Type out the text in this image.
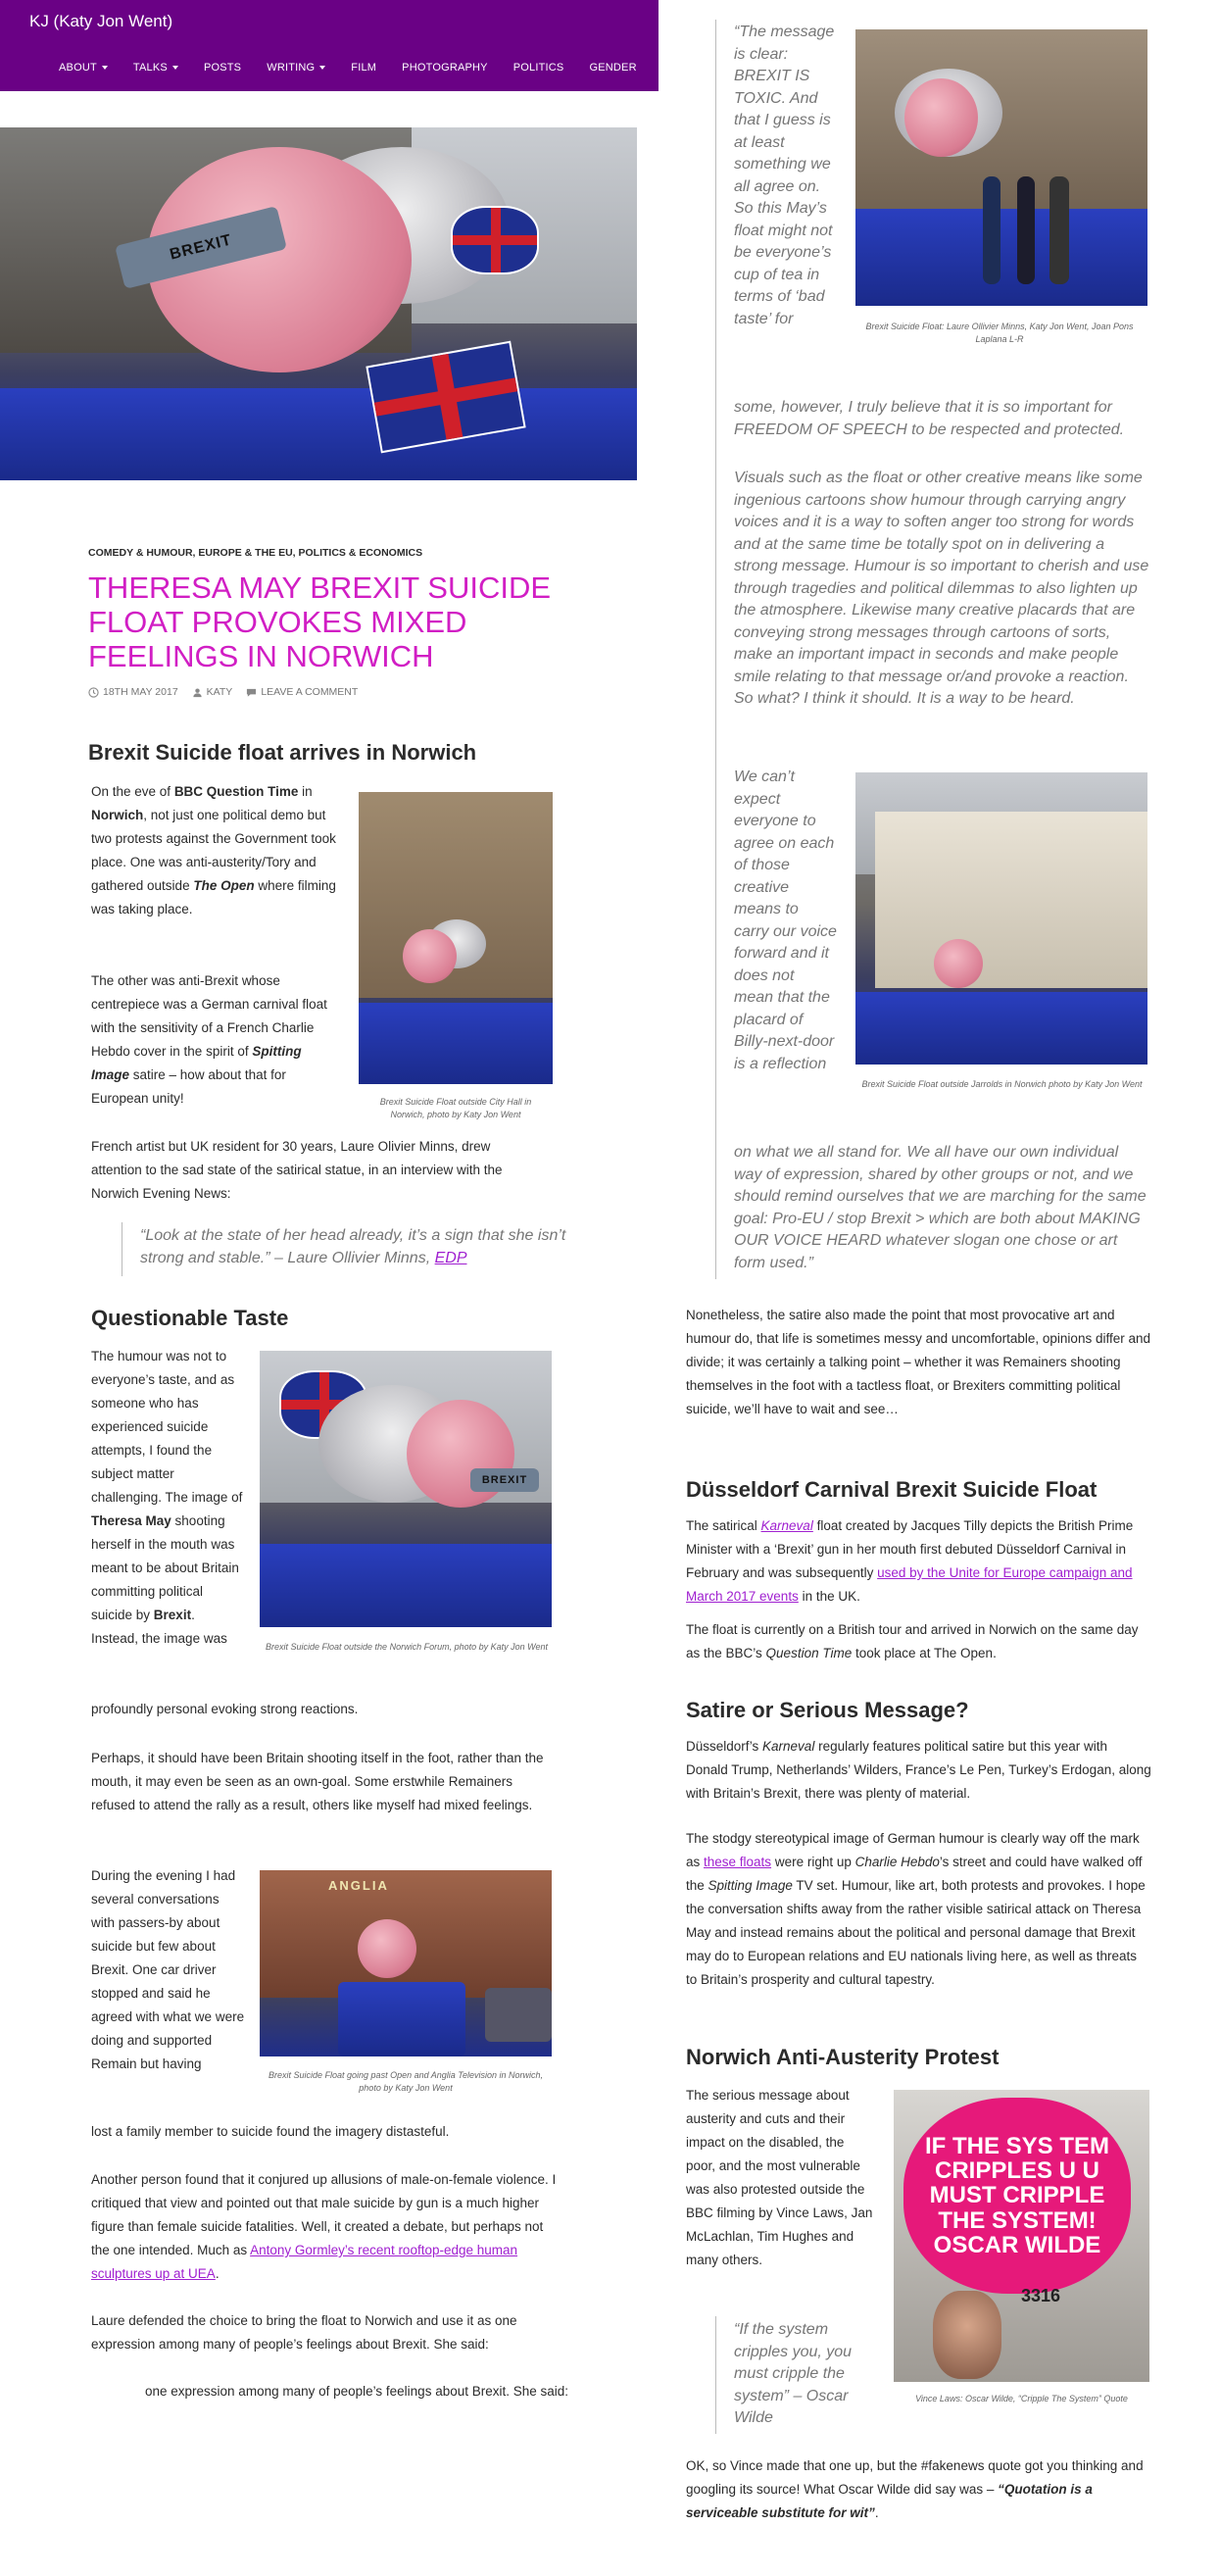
KJ (Katy Jon Went)
ABOUT	TALKS	POSTS WRITING	FILM PHOTOGRAPHY POLITICS GENDER H
BREXIT
COMEDY & HUMOUR, EUROPE & THE EU, POLITICS & ECONOMICS
THERESA MAY BREXIT SUICIDE FLOAT PROVOKES MIXED FEELINGS IN NORWICH
18TH MAY 2017	KATY	LEAVE A COMMENT
Brexit Suicide float arrives in Norwich
On the eve of BBC Question Time in Norwich, not just one political demo but two protests against the Government took place. One was anti-austerity/Tory and gathered outside The Open where filming was taking place.
The other was anti-Brexit whose centrepiece was a German carnival float with the sensitivity of a French Charlie Hebdo cover in the spirit of Spitting Image satire – how about that for European unity!	Brexit Suicide Float outside City Hall in Norwich, photo by Katy Jon Went
French artist but UK resident for 30 years, Laure Olivier Minns, drew attention to the sad state of the satirical statue, in an interview with the Norwich Evening News:
“Look at the state of her head already, it’s a sign that she isn’t strong and stable.” – Laure Ollivier Minns, EDP
Questionable Taste
The humour was not to everyone’s taste, and as someone who has experienced suicide attempts, I found the subject matter challenging. The image of Theresa May shooting herself in the mouth was meant to be about Britain committing political suicide by Brexit. Instead, the image was
profoundly personal evoking strong reactions.
BREXIT
Brexit Suicide Float outside the Norwich Forum, photo by Katy Jon Went
Perhaps, it should have been Britain shooting itself in the foot, rather than the mouth, it may even be seen as an own-goal. Some erstwhile Remainers refused to attend the rally as a result, others like myself had mixed feelings.
During the evening I had several conversations with passers-by about suicide but few about Brexit. One car driver stopped and said he agreed with what we were doing and supported Remain but having
lost a family member to suicide found the imagery distasteful.
ANGLIA
Brexit Suicide Float going past Open and Anglia Television in Norwich, photo by Katy Jon Went
Another person found that it conjured up allusions of male-on-female violence. I critiqued that view and pointed out that male suicide by gun is a much higher figure than female suicide fatalities. Well, it created a debate, but perhaps not the one intended. Much as Antony Gormley’s recent rooftop-edge human sculptures up at UEA.
Laure defended the choice to bring the float to Norwich and use it as one expression among many of people’s feelings about Brexit. She said:
one expression among many of people’s feelings about Brexit. She said:
“The message is clear: BREXIT IS TOXIC. And that I guess is at least something we all agree on. So this May’s float might not be everyone’s cup of tea in terms of ‘bad taste’ for
some, however, I truly believe that it is so important for FREEDOM OF SPEECH to be respected and protected.
Brexit Suicide Float: Laure Ollivier Minns, Katy Jon Went, Joan Pons Laplana L-R
Visuals such as the float or other creative means like some ingenious cartoons show humour through carrying angry voices and it is a way to soften anger too strong for words and at the same time be totally spot on in delivering a strong message. Humour is so important to cherish and use through tragedies and political dilemmas to also lighten up the atmosphere. Likewise many creative placards that are conveying strong messages through cartoons of sorts, make an important impact in seconds and make people smile relating to that message or/and provoke a reaction. So what? I think it should. It is a way to be heard.
We can’t expect everyone to agree on each of those creative means to carry our voice forward and it does not mean that the placard of Billy-next-door is a reflection
on what we all stand for. We all have our own individual way of expression, shared by other groups or not, and we should remind ourselves that we are marching for the same goal: Pro-EU / stop Brexit > which are both about MAKING OUR VOICE HEARD whatever slogan one chose or art form used.”
Brexit Suicide Float outside Jarrolds in Norwich photo by Katy Jon Went
Nonetheless, the satire also made the point that most provocative art and humour do, that life is sometimes messy and uncomfortable, opinions differ and divide; it was certainly a talking point – whether it was Remainers shooting themselves in the foot with a tactless float, or Brexiters committing political suicide, we’ll have to wait and see…
Düsseldorf Carnival Brexit Suicide Float
The satirical Karneval float created by Jacques Tilly depicts the British Prime Minister with a ‘Brexit’ gun in her mouth first debuted Düsseldorf Carnival in February and was subsequently used by the Unite for Europe campaign and March 2017 events in the UK.
The float is currently on a British tour and arrived in Norwich on the same day as the BBC’s Question Time took place at The Open.
Satire or Serious Message?
Düsseldorf’s Karneval regularly features political satire but this year with Donald Trump, Netherlands’ Wilders, France’s Le Pen, Turkey’s Erdogan, along with Britain’s Brexit, there was plenty of material.
The stodgy stereotypical image of German humour is clearly way off the mark as these floats were right up Charlie Hebdo’s street and could have walked off the Spitting Image TV set. Humour, like art, both protests and provokes. I hope the conversation shifts away from the rather visible satirical attack on Theresa May and instead remains about the political and personal damage that Brexit may do to European relations and EU nationals living here, as well as threats to Britain’s prosperity and cultural tapestry.
Norwich Anti-Austerity Protest
The serious message about austerity and cuts and their impact on the disabled, the poor, and the most vulnerable was also protested outside the BBC filming by Vince Laws, Jan McLachlan, Tim Hughes and many others.
“If the system cripples you, you must cripple the system” – Oscar Wilde
IF THE SYS TEM CRIPPLES U U MUST CRIPPLE THE SYSTEM! OSCAR WILDE
3316
Vince Laws: Oscar Wilde, “Cripple The System” Quote
OK, so Vince made that one up, but the #fakenews quote got you thinking and googling its source! What Oscar Wilde did say was – “Quotation is a serviceable substitute for wit”.
